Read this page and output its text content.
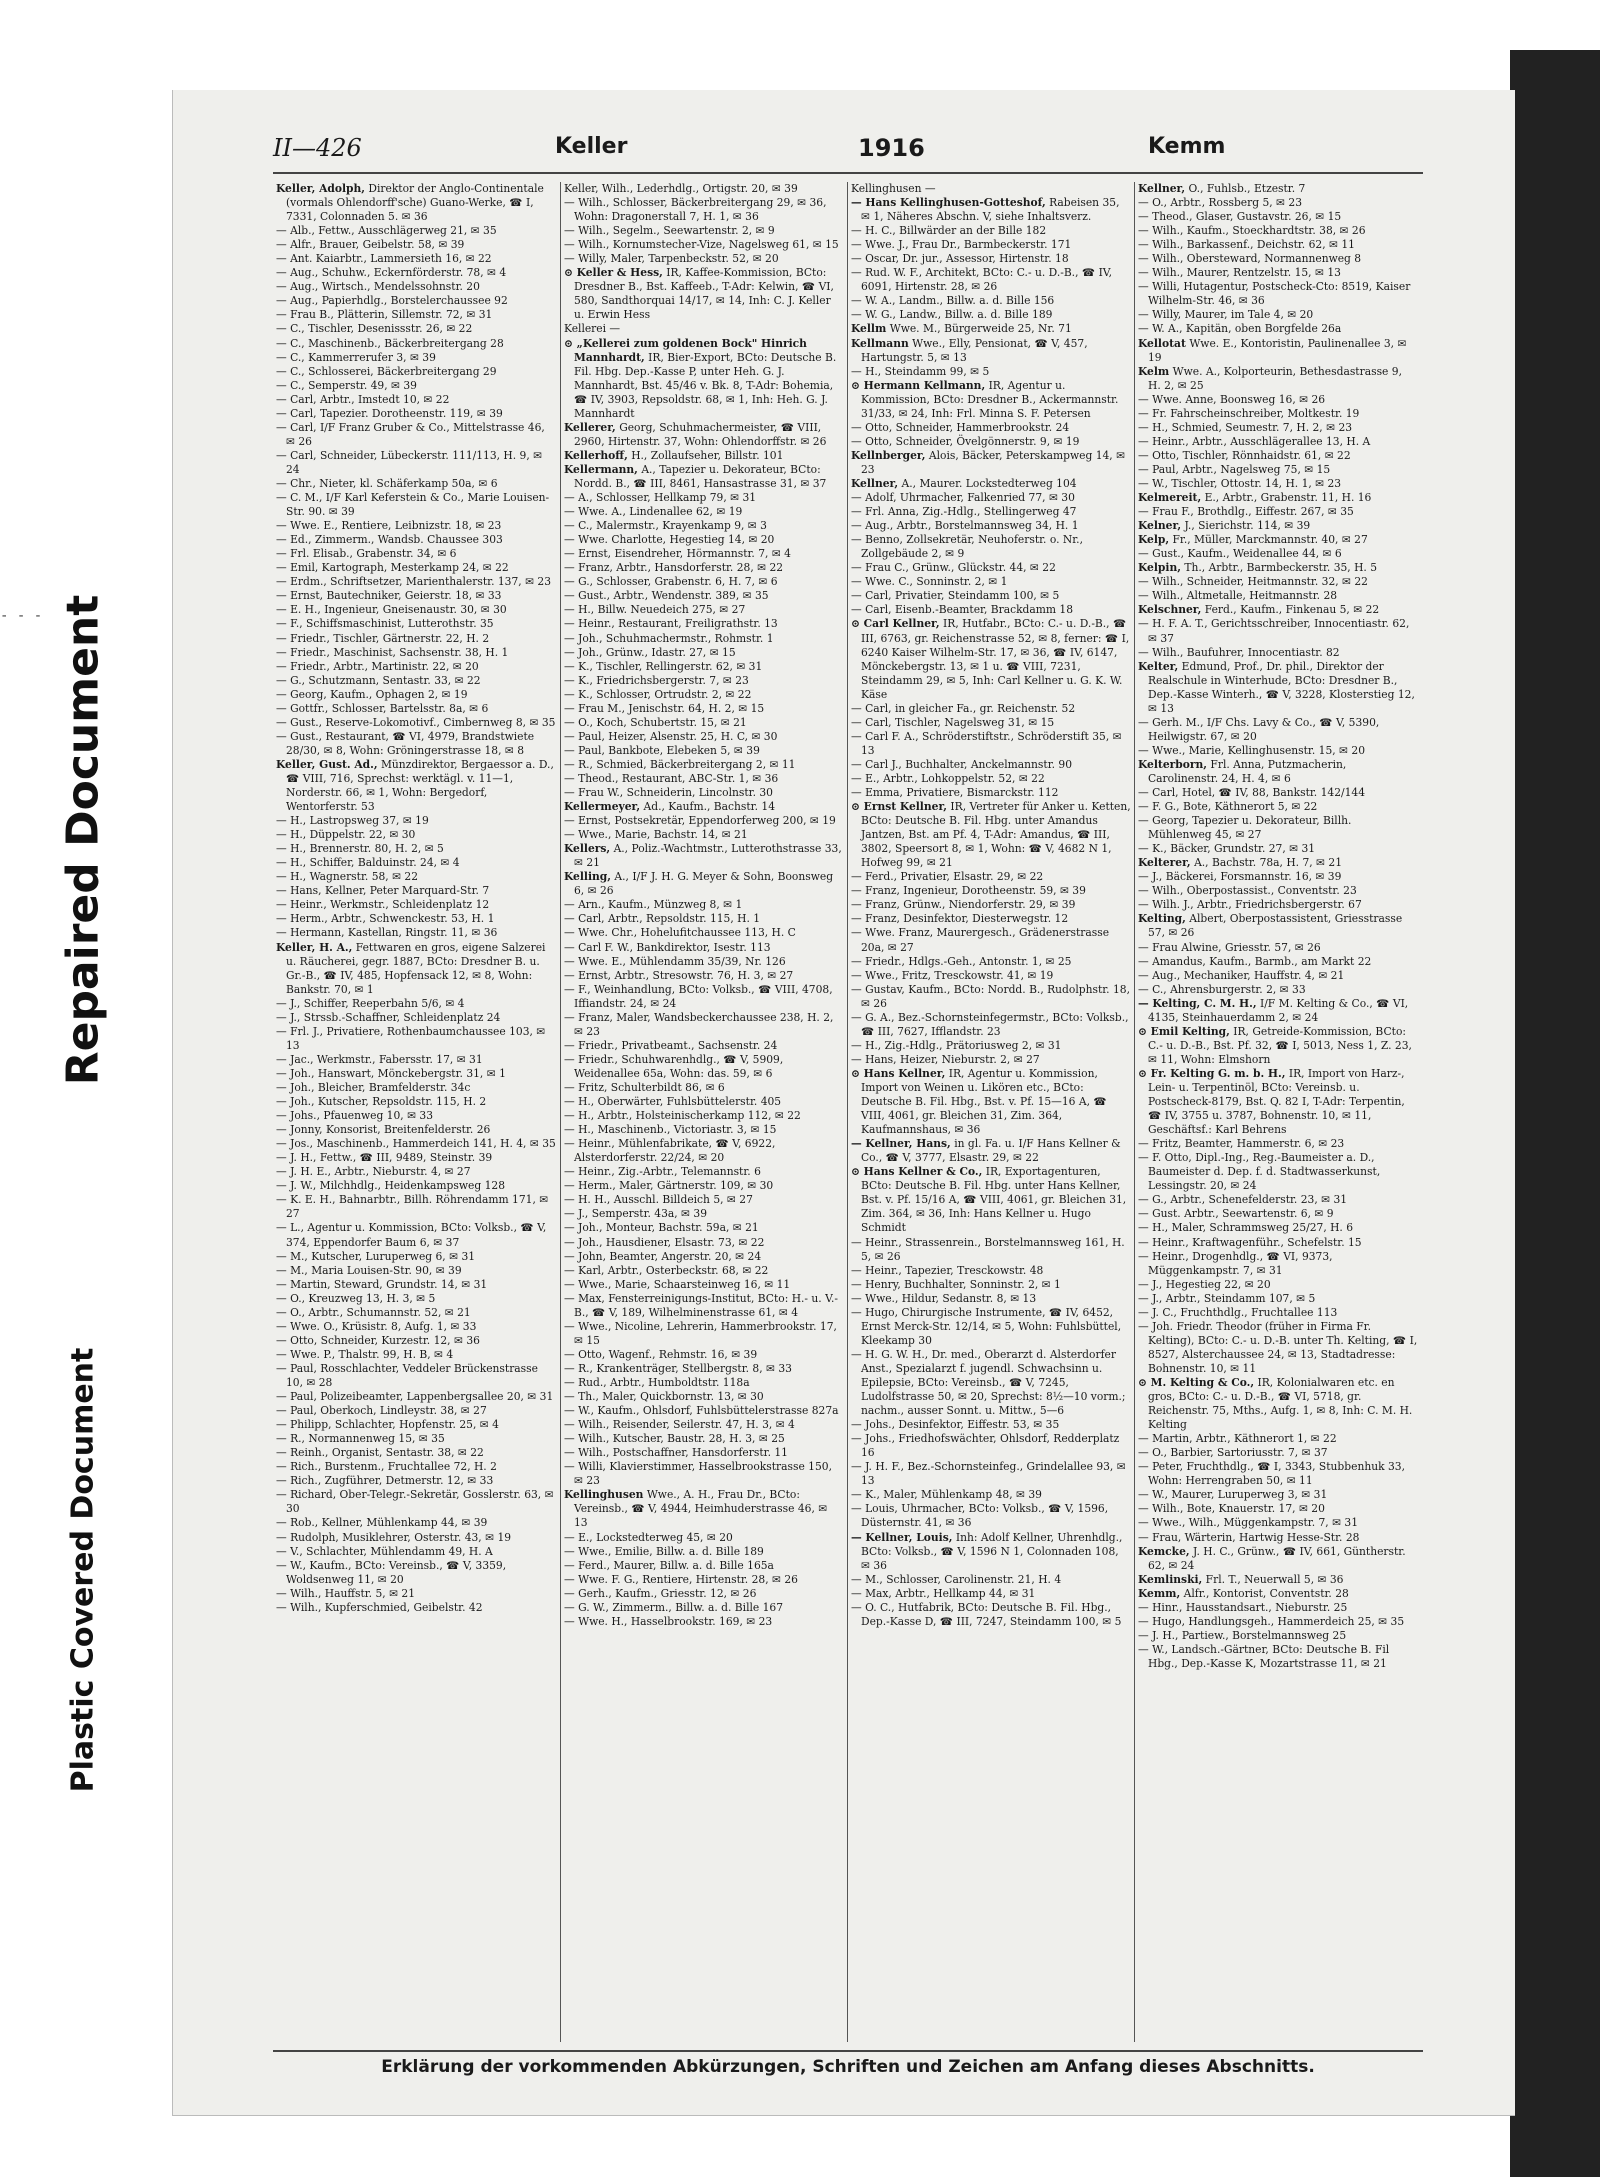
- - - Repaired Document
Plastic Covered Document
II—426	Keller	1916	Kemm
Keller, Adolph, Direktor der Anglo-Continentale (vormals Ohlendorff'sche) Guano-Werke, ☎ I, 7331, Colonnaden 5. ✉ 36
— Alb., Fettw., Ausschlägerweg 21, ✉ 35
— Alfr., Brauer, Geibelstr. 58, ✉ 39
— Ant. Kaiarbtr., Lammersieth 16, ✉ 22
— Aug., Schuhw., Eckernförderstr. 78, ✉ 4
— Aug., Wirtsch., Mendelssohnstr. 20
— Aug., Papierhdlg., Borstelerchaussee 92
— Frau B., Plätterin, Sillemstr. 72, ✉ 31
— C., Tischler, Desenissstr. 26, ✉ 22
— C., Maschinenb., Bäckerbreitergang 28
— C., Kammerrerufer 3, ✉ 39
— C., Schlosserei, Bäckerbreitergang 29
— C., Semperstr. 49, ✉ 39
— Carl, Arbtr., Imstedt 10, ✉ 22
— Carl, Tapezier. Dorotheenstr. 119, ✉ 39
— Carl, I/F Franz Gruber & Co., Mittelstrasse 46, ✉ 26
— Carl, Schneider, Lübeckerstr. 111/113, H. 9, ✉ 24
— Chr., Nieter, kl. Schäferkamp 50a, ✉ 6
— C. M., I/F Karl Keferstein & Co., Marie Louisen-Str. 90. ✉ 39
— Wwe. E., Rentiere, Leibnizstr. 18, ✉ 23
— Ed., Zimmerm., Wandsb. Chaussee 303
— Frl. Elisab., Grabenstr. 34, ✉ 6
— Emil, Kartograph, Mesterkamp 24, ✉ 22
— Erdm., Schriftsetzer, Marienthalerstr. 137, ✉ 23
— Ernst, Bautechniker, Geierstr. 18, ✉ 33
— E. H., Ingenieur, Gneisenaustr. 30, ✉ 30
— F., Schiffsmaschinist, Lutterothstr. 35
— Friedr., Tischler, Gärtnerstr. 22, H. 2
— Friedr., Maschinist, Sachsenstr. 38, H. 1
— Friedr., Arbtr., Martinistr. 22, ✉ 20
— G., Schutzmann, Sentastr. 33, ✉ 22
— Georg, Kaufm., Ophagen 2, ✉ 19
— Gottfr., Schlosser, Bartelsstr. 8a, ✉ 6
— Gust., Reserve-Lokomotivf., Cimbernweg 8, ✉ 35
— Gust., Restaurant, ☎ VI, 4979, Brandstwiete 28/30, ✉ 8, Wohn: Gröningerstrasse 18, ✉ 8
Keller, Gust. Ad., Münzdirektor, Bergaessor a. D., ☎ VIII, 716, Sprechst: werktägl. v. 11—1, Norderstr. 66, ✉ 1, Wohn: Bergedorf, Wentorferstr. 53
— H., Lastropsweg 37, ✉ 19
— H., Düppelstr. 22, ✉ 30
— H., Brennerstr. 80, H. 2, ✉ 5
— H., Schiffer, Balduinstr. 24, ✉ 4
— H., Wagnerstr. 58, ✉ 22
— Hans, Kellner, Peter Marquard-Str. 7
— Heinr., Werkmstr., Schleidenplatz 12
— Herm., Arbtr., Schwenckestr. 53, H. 1
— Hermann, Kastellan, Ringstr. 11, ✉ 36
Keller, H. A., Fettwaren en gros, eigene Salzerei u. Räucherei, gegr. 1887, BCto: Dresdner B. u. Gr.-B., ☎ IV, 485, Hopfensack 12, ✉ 8, Wohn: Bankstr. 70, ✉ 1
— J., Schiffer, Reeperbahn 5/6, ✉ 4
— J., Strssb.-Schaffner, Schleidenplatz 24
— Frl. J., Privatiere, Rothenbaumchaussee 103, ✉ 13
— Jac., Werkmstr., Fabersstr. 17, ✉ 31
— Joh., Hanswart, Mönckebergstr. 31, ✉ 1
— Joh., Bleicher, Bramfelderstr. 34c
— Joh., Kutscher, Repsoldstr. 115, H. 2
— Johs., Pfauenweg 10, ✉ 33
— Jonny, Konsorist, Breitenfelderstr. 26
— Jos., Maschinenb., Hammerdeich 141, H. 4, ✉ 35
— J. H., Fettw., ☎ III, 9489, Steinstr. 39
— J. H. E., Arbtr., Nieburstr. 4, ✉ 27
— J. W., Milchhdlg., Heidenkampsweg 128
— K. E. H., Bahnarbtr., Billh. Röhrendamm 171, ✉ 27
— L., Agentur u. Kommission, BCto: Volksb., ☎ V, 374, Eppendorfer Baum 6, ✉ 37
— M., Kutscher, Luruperweg 6, ✉ 31
— M., Maria Louisen-Str. 90, ✉ 39
— Martin, Steward, Grundstr. 14, ✉ 31
— O., Kreuzweg 13, H. 3, ✉ 5
— O., Arbtr., Schumannstr. 52, ✉ 21
— Wwe. O., Krüsistr. 8, Aufg. 1, ✉ 33
— Otto, Schneider, Kurzestr. 12, ✉ 36
— Wwe. P., Thalstr. 99, H. B, ✉ 4
— Paul, Rosschlachter, Veddeler Brückenstrasse 10, ✉ 28
— Paul, Polizeibeamter, Lappenbergsallee 20, ✉ 31
— Paul, Oberkoch, Lindleystr. 38, ✉ 27
— Philipp, Schlachter, Hopfenstr. 25, ✉ 4
— R., Normannenweg 15, ✉ 35
— Reinh., Organist, Sentastr. 38, ✉ 22
— Rich., Burstenm., Fruchtallee 72, H. 2
— Rich., Zugführer, Detmerstr. 12, ✉ 33
— Richard, Ober-Telegr.-Sekretär, Gosslerstr. 63, ✉ 30
— Rob., Kellner, Mühlenkamp 44, ✉ 39
— Rudolph, Musiklehrer, Osterstr. 43, ✉ 19
— V., Schlachter, Mühlendamm 49, H. A
— W., Kaufm., BCto: Vereinsb., ☎ V, 3359, Woldsenweg 11, ✉ 20
— Wilh., Hauffstr. 5, ✉ 21
— Wilh., Kupferschmied, Geibelstr. 42
Keller, Wilh., Lederhdlg., Ortigstr. 20, ✉ 39
— Wilh., Schlosser, Bäckerbreitergang 29, ✉ 36, Wohn: Dragonerstall 7, H. 1, ✉ 36
— Wilh., Segelm., Seewartenstr. 2, ✉ 9
— Wilh., Kornumstecher-Vize, Nagelsweg 61, ✉ 15
— Willy, Maler, Tarpenbeckstr. 52, ✉ 20
⊙ Keller & Hess, IR, Kaffee-Kommission, BCto: Dresdner B., Bst. Kaffeeb., T-Adr: Kelwin, ☎ VI, 580, Sandthorquai 14/17, ✉ 14, Inh: C. J. Keller u. Erwin Hess
Kellerei —
⊙ „Kellerei zum goldenen Bock" Hinrich Mannhardt, IR, Bier-Export, BCto: Deutsche B. Fil. Hbg. Dep.-Kasse P, unter Heh. G. J. Mannhardt, Bst. 45/46 v. Bk. 8, T-Adr: Bohemia, ☎ IV, 3903, Repsoldstr. 68, ✉ 1, Inh: Heh. G. J. Mannhardt
Kellerer, Georg, Schuhmachermeister, ☎ VIII, 2960, Hirtenstr. 37, Wohn: Ohlendorffstr. ✉ 26
Kellerhoff, H., Zollaufseher, Billstr. 101
Kellermann, A., Tapezier u. Dekorateur, BCto: Nordd. B., ☎ III, 8461, Hansastrasse 31, ✉ 37
— A., Schlosser, Hellkamp 79, ✉ 31
— Wwe. A., Lindenallee 62, ✉ 19
— C., Malermstr., Krayenkamp 9, ✉ 3
— Wwe. Charlotte, Hegestieg 14, ✉ 20
— Ernst, Eisendreher, Hörmannstr. 7, ✉ 4
— Franz, Arbtr., Hansdorferstr. 28, ✉ 22
— G., Schlosser, Grabenstr. 6, H. 7, ✉ 6
— Gust., Arbtr., Wendenstr. 389, ✉ 35
— H., Billw. Neuedeich 275, ✉ 27
— Heinr., Restaurant, Freiligrathstr. 13
— Joh., Schuhmachermstr., Rohmstr. 1
— Joh., Grünw., Idastr. 27, ✉ 15
— K., Tischler, Rellingerstr. 62, ✉ 31
— K., Friedrichsbergerstr. 7, ✉ 23
— K., Schlosser, Ortrudstr. 2, ✉ 22
— Frau M., Jenischstr. 64, H. 2, ✉ 15
— O., Koch, Schubertstr. 15, ✉ 21
— Paul, Heizer, Alsenstr. 25, H. C, ✉ 30
— Paul, Bankbote, Elebeken 5, ✉ 39
— R., Schmied, Bäckerbreitergang 2, ✉ 11
— Theod., Restaurant, ABC-Str. 1, ✉ 36
— Frau W., Schneiderin, Lincolnstr. 30
Kellermeyer, Ad., Kaufm., Bachstr. 14
— Ernst, Postsekretär, Eppendorferweg 200, ✉ 19
— Wwe., Marie, Bachstr. 14, ✉ 21
Kellers, A., Poliz.-Wachtmstr., Lutterothstrasse 33, ✉ 21
Kelling, A., I/F J. H. G. Meyer & Sohn, Boonsweg 6, ✉ 26
— Arn., Kaufm., Münzweg 8, ✉ 1
— Carl, Arbtr., Repsoldstr. 115, H. 1
— Wwe. Chr., Hohelufitchaussee 113, H. C
— Carl F. W., Bankdirektor, Isestr. 113
— Wwe. E., Mühlendamm 35/39, Nr. 126
— Ernst, Arbtr., Stresowstr. 76, H. 3, ✉ 27
— F., Weinhandlung, BCto: Volksb., ☎ VIII, 4708, Iffiandstr. 24, ✉ 24
— Franz, Maler, Wandsbeckerchaussee 238, H. 2, ✉ 23
— Friedr., Privatbeamt., Sachsenstr. 24
— Friedr., Schuhwarenhdlg., ☎ V, 5909, Weidenallee 65a, Wohn: das. 59, ✉ 6
— Fritz, Schulterbildt 86, ✉ 6
— H., Oberwärter, Fuhlsbüttelerstr. 405
— H., Arbtr., Holsteinischerkamp 112, ✉ 22
— H., Maschinenb., Victoriastr. 3, ✉ 15
— Heinr., Mühlenfabrikate, ☎ V, 6922, Alsterdorferstr. 22/24, ✉ 20
— Heinr., Zig.-Arbtr., Telemannstr. 6
— Herm., Maler, Gärtnerstr. 109, ✉ 30
— H. H., Ausschl. Billdeich 5, ✉ 27
— J., Semperstr. 43a, ✉ 39
— Joh., Monteur, Bachstr. 59a, ✉ 21
— Joh., Hausdiener, Elsastr. 73, ✉ 22
— John, Beamter, Angerstr. 20, ✉ 24
— Karl, Arbtr., Osterbeckstr. 68, ✉ 22
— Wwe., Marie, Schaarsteinweg 16, ✉ 11
— Max, Fensterreinigungs-Institut, BCto: H.- u. V.-B., ☎ V, 189, Wilhelminenstrasse 61, ✉ 4
— Wwe., Nicoline, Lehrerin, Hammerbrookstr. 17, ✉ 15
— Otto, Wagenf., Rehmstr. 16, ✉ 39
— R., Krankenträger, Stellbergstr. 8, ✉ 33
— Rud., Arbtr., Humboldtstr. 118a
— Th., Maler, Quickbornstr. 13, ✉ 30
— W., Kaufm., Ohlsdorf, Fuhlsbüttelerstrasse 827a
— Wilh., Reisender, Seilerstr. 47, H. 3, ✉ 4
— Wilh., Kutscher, Baustr. 28, H. 3, ✉ 25
— Wilh., Postschaffner, Hansdorferstr. 11
— Willi, Klavierstimmer, Hasselbrookstrasse 150, ✉ 23
Kellinghusen Wwe., A. H., Frau Dr., BCto: Vereinsb., ☎ V, 4944, Heimhuderstrasse 46, ✉ 13
— E., Lockstedterweg 45, ✉ 20
— Wwe., Emilie, Billw. a. d. Bille 189
— Ferd., Maurer, Billw. a. d. Bille 165a
— Wwe. F. G., Rentiere, Hirtenstr. 28, ✉ 26
— Gerh., Kaufm., Griesstr. 12, ✉ 26
— G. W., Zimmerm., Billw. a. d. Bille 167
— Wwe. H., Hasselbrookstr. 169, ✉ 23
Kellinghusen —
— Hans Kellinghusen-Gotteshof, Rabeisen 35, ✉ 1, Näheres Abschn. V, siehe Inhaltsverz.
— H. C., Billwärder an der Bille 182
— Wwe. J., Frau Dr., Barmbeckerstr. 171
— Oscar, Dr. jur., Assessor, Hirtenstr. 18
— Rud. W. F., Architekt, BCto: C.- u. D.-B., ☎ IV, 6091, Hirtenstr. 28, ✉ 26
— W. A., Landm., Billw. a. d. Bille 156
— W. G., Landw., Billw. a. d. Bille 189
Kellm Wwe. M., Bürgerweide 25, Nr. 71
Kellmann Wwe., Elly, Pensionat, ☎ V, 457, Hartungstr. 5, ✉ 13
— H., Steindamm 99, ✉ 5
⊙ Hermann Kellmann, IR, Agentur u. Kommission, BCto: Dresdner B., Ackermannstr. 31/33, ✉ 24, Inh: Frl. Minna S. F. Petersen
— Otto, Schneider, Hammerbrookstr. 24
— Otto, Schneider, Övelgönnerstr. 9, ✉ 19
Kellnberger, Alois, Bäcker, Peterskampweg 14, ✉ 23
Kellner, A., Maurer. Lockstedterweg 104
— Adolf, Uhrmacher, Falkenried 77, ✉ 30
— Frl. Anna, Zig.-Hdlg., Stellingerweg 47
— Aug., Arbtr., Borstelmannsweg 34, H. 1
— Benno, Zollsekretär, Neuhoferstr. o. Nr., Zollgebäude 2, ✉ 9
— Frau C., Grünw., Glückstr. 44, ✉ 22
— Wwe. C., Sonninstr. 2, ✉ 1
— Carl, Privatier, Steindamm 100, ✉ 5
— Carl, Eisenb.-Beamter, Brackdamm 18
⊙ Carl Kellner, IR, Hutfabr., BCto: C.- u. D.-B., ☎ III, 6763, gr. Reichenstrasse 52, ✉ 8, ferner: ☎ I, 6240 Kaiser Wilhelm-Str. 17, ✉ 36, ☎ IV, 6147, Mönckebergstr. 13, ✉ 1 u. ☎ VIII, 7231, Steindamm 29, ✉ 5, Inh: Carl Kellner u. G. K. W. Käse
— Carl, in gleicher Fa., gr. Reichenstr. 52
— Carl, Tischler, Nagelsweg 31, ✉ 15
— Carl F. A., Schröderstiftstr., Schröderstift 35, ✉ 13
— Carl J., Buchhalter, Anckelmannstr. 90
— E., Arbtr., Lohkoppelstr. 52, ✉ 22
— Emma, Privatiere, Bismarckstr. 112
⊙ Ernst Kellner, IR, Vertreter für Anker u. Ketten, BCto: Deutsche B. Fil. Hbg. unter Amandus Jantzen, Bst. am Pf. 4, T-Adr: Amandus, ☎ III, 3802, Speersort 8, ✉ 1, Wohn: ☎ V, 4682 N 1, Hofweg 99, ✉ 21
— Ferd., Privatier, Elsastr. 29, ✉ 22
— Franz, Ingenieur, Dorotheenstr. 59, ✉ 39
— Franz, Grünw., Niendorferstr. 29, ✉ 39
— Franz, Desinfektor, Diesterwegstr. 12
— Wwe. Franz, Maurergesch., Grädenerstrasse 20a, ✉ 27
— Friedr., Hdlgs.-Geh., Antonstr. 1, ✉ 25
— Wwe., Fritz, Tresckowstr. 41, ✉ 19
— Gustav, Kaufm., BCto: Nordd. B., Rudolphstr. 18, ✉ 26
— G. A., Bez.-Schornsteinfegermstr., BCto: Volksb., ☎ III, 7627, Ifflandstr. 23
— H., Zig.-Hdlg., Prätoriusweg 2, ✉ 31
— Hans, Heizer, Nieburstr. 2, ✉ 27
⊙ Hans Kellner, IR, Agentur u. Kommission, Import von Weinen u. Likören etc., BCto: Deutsche B. Fil. Hbg., Bst. v. Pf. 15—16 A, ☎ VIII, 4061, gr. Bleichen 31, Zim. 364, Kaufmannshaus, ✉ 36
— Kellner, Hans, in gl. Fa. u. I/F Hans Kellner & Co., ☎ V, 3777, Elsastr. 29, ✉ 22
⊙ Hans Kellner & Co., IR, Exportagenturen, BCto: Deutsche B. Fil. Hbg. unter Hans Kellner, Bst. v. Pf. 15/16 A, ☎ VIII, 4061, gr. Bleichen 31, Zim. 364, ✉ 36, Inh: Hans Kellner u. Hugo Schmidt
— Heinr., Strassenrein., Borstelmannsweg 161, H. 5, ✉ 26
— Heinr., Tapezier, Tresckowstr. 48
— Henry, Buchhalter, Sonninstr. 2, ✉ 1
— Wwe., Hildur, Sedanstr. 8, ✉ 13
— Hugo, Chirurgische Instrumente, ☎ IV, 6452, Ernst Merck-Str. 12/14, ✉ 5, Wohn: Fuhlsbüttel, Kleekamp 30
— H. G. W. H., Dr. med., Oberarzt d. Alsterdorfer Anst., Spezialarzt f. jugendl. Schwachsinn u. Epilepsie, BCto: Vereinsb., ☎ V, 7245, Ludolfstrasse 50, ✉ 20, Sprechst: 8½—10 vorm.; nachm., ausser Sonnt. u. Mittw., 5—6
— Johs., Desinfektor, Eiffestr. 53, ✉ 35
— Johs., Friedhofswächter, Ohlsdorf, Redderplatz 16
— J. H. F., Bez.-Schornsteinfeg., Grindelallee 93, ✉ 13
— K., Maler, Mühlenkamp 48, ✉ 39
— Louis, Uhrmacher, BCto: Volksb., ☎ V, 1596, Düsternstr. 41, ✉ 36
— Kellner, Louis, Inh: Adolf Kellner, Uhrenhdlg., BCto: Volksb., ☎ V, 1596 N 1, Colonnaden 108, ✉ 36
— M., Schlosser, Carolinenstr. 21, H. 4
— Max, Arbtr., Hellkamp 44, ✉ 31
— O. C., Hutfabrik, BCto: Deutsche B. Fil. Hbg., Dep.-Kasse D, ☎ III, 7247, Steindamm 100, ✉ 5
Kellner, O., Fuhlsb., Etzestr. 7
— O., Arbtr., Rossberg 5, ✉ 23
— Theod., Glaser, Gustavstr. 26, ✉ 15
— Wilh., Kaufm., Stoeckhardtstr. 38, ✉ 26
— Wilh., Barkassenf., Deichstr. 62, ✉ 11
— Wilh., Obersteward, Normannenweg 8
— Wilh., Maurer, Rentzelstr. 15, ✉ 13
— Willi, Hutagentur, Postscheck-Cto: 8519, Kaiser Wilhelm-Str. 46, ✉ 36
— Willy, Maurer, im Tale 4, ✉ 20
— W. A., Kapitän, oben Borgfelde 26a
Kellotat Wwe. E., Kontoristin, Paulinenallee 3, ✉ 19
Kelm Wwe. A., Kolporteurin, Bethesdastrasse 9, H. 2, ✉ 25
— Wwe. Anne, Boonsweg 16, ✉ 26
— Fr. Fahrscheinschreiber, Moltkestr. 19
— H., Schmied, Seumestr. 7, H. 2, ✉ 23
— Heinr., Arbtr., Ausschlägerallee 13, H. A
— Otto, Tischler, Rönnhaidstr. 61, ✉ 22
— Paul, Arbtr., Nagelsweg 75, ✉ 15
— W., Tischler, Ottostr. 14, H. 1, ✉ 23
Kelmereit, E., Arbtr., Grabenstr. 11, H. 16
— Frau F., Brothdlg., Eiffestr. 267, ✉ 35
Kelner, J., Sierichstr. 114, ✉ 39
Kelp, Fr., Müller, Marckmannstr. 40, ✉ 27
— Gust., Kaufm., Weidenallee 44, ✉ 6
Kelpin, Th., Arbtr., Barmbeckerstr. 35, H. 5
— Wilh., Schneider, Heitmannstr. 32, ✉ 22
— Wilh., Altmetalle, Heitmannstr. 28
Kelschner, Ferd., Kaufm., Finkenau 5, ✉ 22
— H. F. A. T., Gerichtsschreiber, Innocentiastr. 62, ✉ 37
— Wilh., Baufuhrer, Innocentiastr. 82
Kelter, Edmund, Prof., Dr. phil., Direktor der Realschule in Winterhude, BCto: Dresdner B., Dep.-Kasse Winterh., ☎ V, 3228, Klosterstieg 12, ✉ 13
— Gerh. M., I/F Chs. Lavy & Co., ☎ V, 5390, Heilwigstr. 67, ✉ 20
— Wwe., Marie, Kellinghusenstr. 15, ✉ 20
Kelterborn, Frl. Anna, Putzmacherin, Carolinenstr. 24, H. 4, ✉ 6
— Carl, Hotel, ☎ IV, 88, Bankstr. 142/144
— F. G., Bote, Käthnerort 5, ✉ 22
— Georg, Tapezier u. Dekorateur, Billh. Mühlenweg 45, ✉ 27
— K., Bäcker, Grundstr. 27, ✉ 31
Kelterer, A., Bachstr. 78a, H. 7, ✉ 21
— J., Bäckerei, Forsmannstr. 16, ✉ 39
— Wilh., Oberpostassist., Conventstr. 23
— Wilh. J., Arbtr., Friedrichsbergerstr. 67
Kelting, Albert, Oberpostassistent, Griesstrasse 57, ✉ 26
— Frau Alwine, Griesstr. 57, ✉ 26
— Amandus, Kaufm., Barmb., am Markt 22
— Aug., Mechaniker, Hauffstr. 4, ✉ 21
— C., Ahrensburgerstr. 2, ✉ 33
— Kelting, C. M. H., I/F M. Kelting & Co., ☎ VI, 4135, Steinhauerdamm 2, ✉ 24
⊙ Emil Kelting, IR, Getreide-Kommission, BCto: C.- u. D.-B., Bst. Pf. 32, ☎ I, 5013, Ness 1, Z. 23, ✉ 11, Wohn: Elmshorn
⊙ Fr. Kelting G. m. b. H., IR, Import von Harz-, Lein- u. Terpentinöl, BCto: Vereinsb. u. Postscheck-8179, Bst. Q. 82 I, T-Adr: Terpentin, ☎ IV, 3755 u. 3787, Bohnenstr. 10, ✉ 11, Geschäftsf.: Karl Behrens
— Fritz, Beamter, Hammerstr. 6, ✉ 23
— F. Otto, Dipl.-Ing., Reg.-Baumeister a. D., Baumeister d. Dep. f. d. Stadtwasserkunst, Lessingstr. 20, ✉ 24
— G., Arbtr., Schenefelderstr. 23, ✉ 31
— Gust. Arbtr., Seewartenstr. 6, ✉ 9
— H., Maler, Schrammsweg 25/27, H. 6
— Heinr., Kraftwagenführ., Schefelstr. 15
— Heinr., Drogenhdlg., ☎ VI, 9373, Müggenkampstr. 7, ✉ 31
— J., Hegestieg 22, ✉ 20
— J., Arbtr., Steindamm 107, ✉ 5
— J. C., Fruchthdlg., Fruchtallee 113
— Joh. Friedr. Theodor (früher in Firma Fr. Kelting), BCto: C.- u. D.-B. unter Th. Kelting, ☎ I, 8527, Alsterchaussee 24, ✉ 13, Stadtadresse: Bohnenstr. 10, ✉ 11
⊙ M. Kelting & Co., IR, Kolonialwaren etc. en gros, BCto: C.- u. D.-B., ☎ VI, 5718, gr. Reichenstr. 75, Mths., Aufg. 1, ✉ 8, Inh: C. M. H. Kelting
— Martin, Arbtr., Käthnerort 1, ✉ 22
— O., Barbier, Sartoriusstr. 7, ✉ 37
— Peter, Fruchthdlg., ☎ I, 3343, Stubbenhuk 33, Wohn: Herrengraben 50, ✉ 11
— W., Maurer, Luruperweg 3, ✉ 31
— Wilh., Bote, Knauerstr. 17, ✉ 20
— Wwe., Wilh., Müggenkampstr. 7, ✉ 31
— Frau, Wärterin, Hartwig Hesse-Str. 28
Kemcke, J. H. C., Grünw., ☎ IV, 661, Güntherstr. 62, ✉ 24
Kemlinski, Frl. T., Neuerwall 5, ✉ 36
Kemm, Alfr., Kontorist, Conventstr. 28
— Hinr., Hausstandsart., Nieburstr. 25
— Hugo, Handlungsgeh., Hammerdeich 25, ✉ 35
— J. H., Partiew., Borstelmannsweg 25
— W., Landsch.-Gärtner, BCto: Deutsche B. Fil Hbg., Dep.-Kasse K, Mozartstrasse 11, ✉ 21
Erklärung der vorkommenden Abkürzungen, Schriften und Zeichen am Anfang dieses Abschnitts.
